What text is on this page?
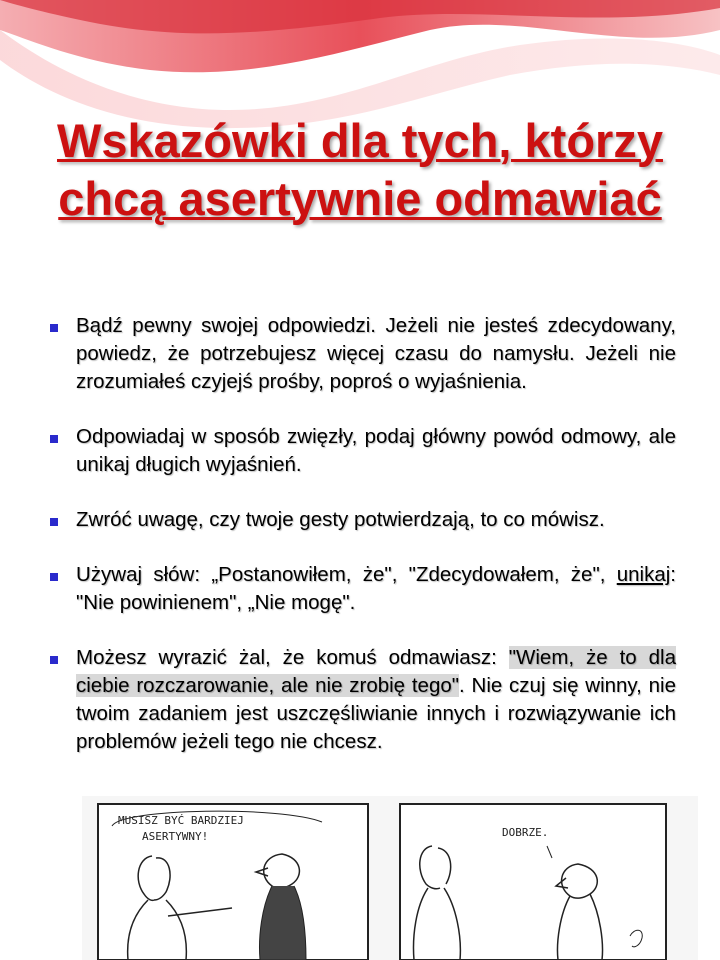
Wskazówki dla tych, którzy chcą asertywnie odmawiać
Bądź pewny swojej odpowiedzi. Jeżeli nie jesteś zdecydowany, powiedz, że potrzebujesz więcej czasu do namysłu. Jeżeli nie zrozumiałeś czyjejś prośby, poproś o wyjaśnienia.
Odpowiadaj w sposób zwięzły, podaj główny powód odmowy, ale unikaj długich wyjaśnień.
Zwróć uwagę, czy twoje gesty potwierdzają, to co mówisz.
Używaj słów: „Postanowiłem, że", "Zdecydowałem, że", unikaj: "Nie powinienem", „Nie mogę".
Możesz wyrazić żal, że komuś odmawiasz: "Wiem, że to dla ciebie rozczarowanie, ale nie zrobię tego". Nie czuj się winny, nie twoim zadaniem jest uszczęśliwianie innych i rozwiązywanie ich problemów jeżeli tego nie chcesz.
MUSISZ BYĆ BARDZIEJ
ASERTYWNY!	DOBRZE.
